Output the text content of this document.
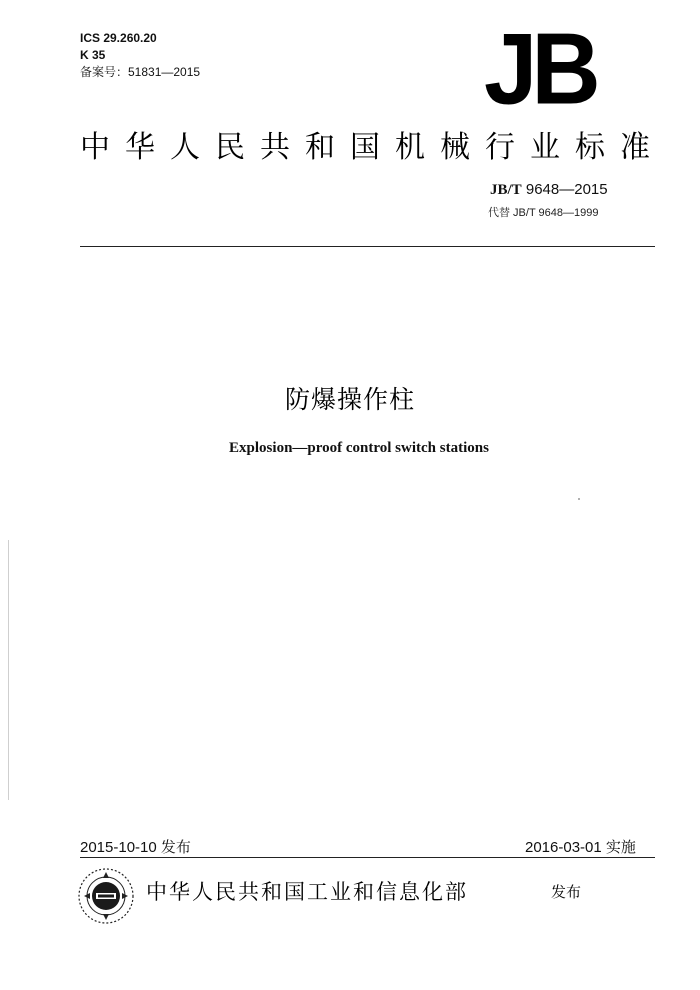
ICS 29.260.20
K 35
备案号：51831—2015	JB
中华人民共和国机械行业标准
JB/T 9648—2015
代替 JB/T 9648—1999
防爆操作柱
Explosion—proof control switch stations
2015-10-10 发布	2016-03-01 实施
中华人民共和国工业和信息化部	发布
